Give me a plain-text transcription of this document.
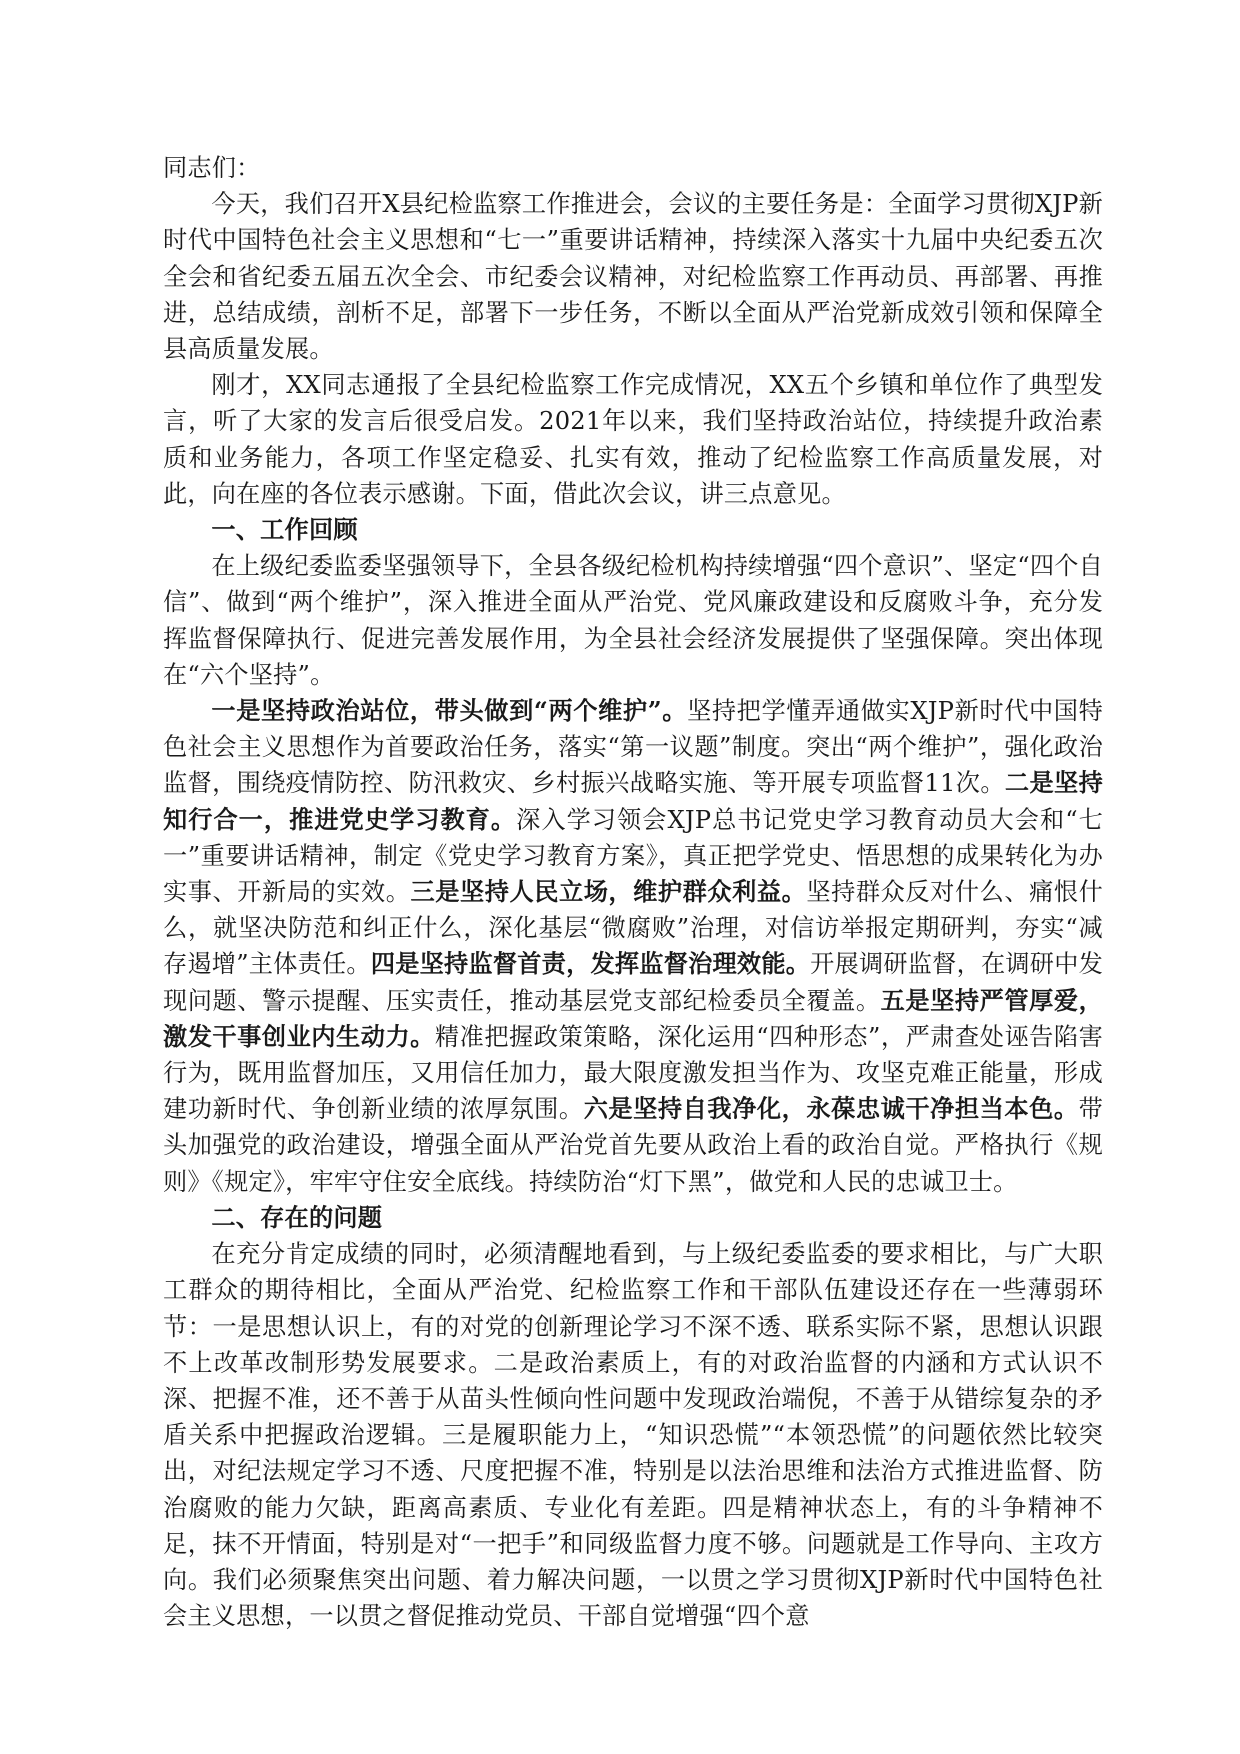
同志们：

今天，我们召开X县纪检监察工作推进会，会议的主要任务是：全面学习贯彻XJP新时代中国特色社会主义思想和“七一”重要讲话精神，持续深入落实十九届中央纪委五次全会和省纪委五届五次全会、市纪委会议精神，对纪检监察工作再动员、再部署、再推进，总结成绩，剖析不足，部署下一步任务，不断以全面从严治党新成效引领和保障全县高质量发展。

刚才，XX同志通报了全县纪检监察工作完成情况，XX五个乡镇和单位作了典型发言，听了大家的发言后很受启发。2021年以来，我们坚持政治站位，持续提升政治素质和业务能力，各项工作坚定稳妥、扎实有效，推动了纪检监察工作高质量发展，对此，向在座的各位表示感谢。下面，借此次会议，讲三点意见。

一、工作回顾

在上级纪委监委坚强领导下，全县各级纪检机构持续增强“四个意识”、坚定“四个自信”、做到“两个维护”，深入推进全面从严治党、党风廉政建设和反腐败斗争，充分发挥监督保障执行、促进完善发展作用，为全县社会经济发展提供了坚强保障。突出体现在“六个坚持”。

一是坚持政治站位，带头做到“两个维护”。坚持把学懂弄通做实XJP新时代中国特色社会主义思想作为首要政治任务，落实“第一议题”制度。突出“两个维护”，强化政治监督，围绕疫情防控、防汛救灾、乡村振兴战略实施、等开展专项监督11次。二是坚持知行合一，推进党史学习教育。深入学习领会XJP总书记党史学习教育动员大会和“七一”重要讲话精神，制定《党史学习教育方案》，真正把学党史、悟思想的成果转化为办实事、开新局的实效。三是坚持人民立场，维护群众利益。坚持群众反对什么、痛恨什么，就坚决防范和纠正什么，深化基层“微腐败”治理，对信访举报定期研判，夯实“减存遏增”主体责任。四是坚持监督首责，发挥监督治理效能。开展调研监督，在调研中发现问题、警示提醒、压实责任，推动基层党支部纪检委员全覆盖。五是坚持严管厚爱，激发干事创业内生动力。精准把握政策策略，深化运用“四种形态”，严肃查处诬告陷害行为，既用监督加压，又用信任加力，最大限度激发担当作为、攻坚克难正能量，形成建功新时代、争创新业绩的浓厚氛围。六是坚持自我净化，永葆忠诚干净担当本色。带头加强党的政治建设，增强全面从严治党首先要从政治上看的政治自觉。严格执行《规则》《规定》，牢牢守住安全底线。持续防治“灯下黑”，做党和人民的忠诚卫士。

二、存在的问题

在充分肯定成绩的同时，必须清醒地看到，与上级纪委监委的要求相比，与广大职工群众的期待相比，全面从严治党、纪检监察工作和干部队伍建设还存在一些薄弱环节：一是思想认识上，有的对党的创新理论学习不深不透、联系实际不紧，思想认识跟不上改革改制形势发展要求。二是政治素质上，有的对政治监督的内涵和方式认识不深、把握不准，还不善于从苗头性倾向性问题中发现政治端倪，不善于从错综复杂的矛盾关系中把握政治逻辑。三是履职能力上，“知识恐慌”“本领恐慌”的问题依然比较突出，对纪法规定学习不透、尺度把握不准，特别是以法治思维和法治方式推进监督、防治腐败的能力欠缺，距离高素质、专业化有差距。四是精神状态上，有的斗争精神不足，抹不开情面，特别是对“一把手”和同级监督力度不够。问题就是工作导向、主攻方向。我们必须聚焦突出问题、着力解决问题，一以贯之学习贯彻XJP新时代中国特色社会主义思想，一以贯之督促推动党员、干部自觉增强“四个意
